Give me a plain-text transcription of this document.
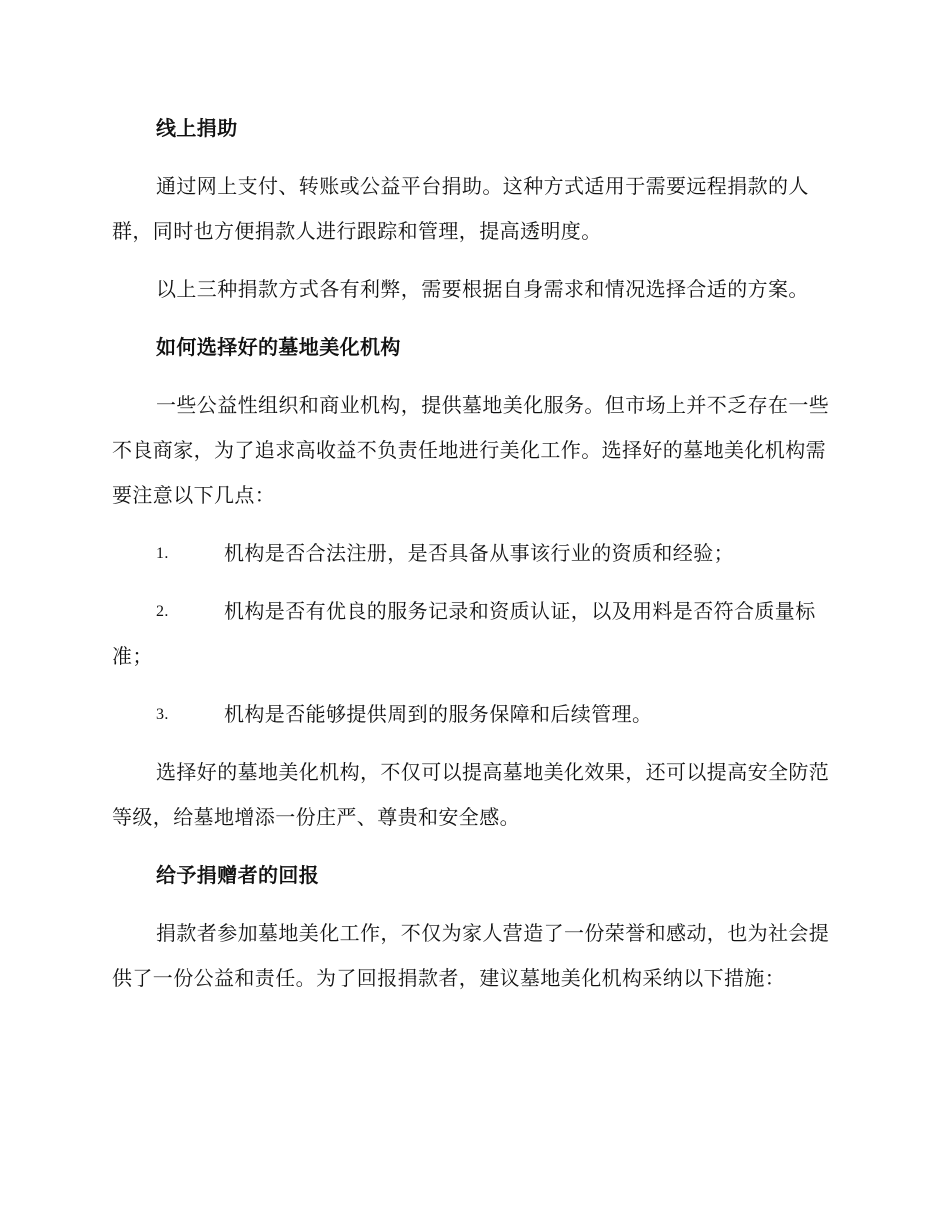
线上捐助

通过网上支付、转账或公益平台捐助。这种方式适用于需要远程捐款的人群，同时也方便捐款人进行跟踪和管理，提高透明度。

以上三种捐款方式各有利弊，需要根据自身需求和情况选择合适的方案。

如何选择好的墓地美化机构

一些公益性组织和商业机构，提供墓地美化服务。但市场上并不乏存在一些不良商家，为了追求高收益不负责任地进行美化工作。选择好的墓地美化机构需要注意以下几点：

1.	机构是否合法注册，是否具备从事该行业的资质和经验；

2.	机构是否有优良的服务记录和资质认证，以及用料是否符合质量标准；

3.	机构是否能够提供周到的服务保障和后续管理。

选择好的墓地美化机构，不仅可以提高墓地美化效果，还可以提高安全防范等级，给墓地增添一份庄严、尊贵和安全感。

给予捐赠者的回报

捐款者参加墓地美化工作，不仅为家人营造了一份荣誉和感动，也为社会提供了一份公益和责任。为了回报捐款者，建议墓地美化机构采纳以下措施：
